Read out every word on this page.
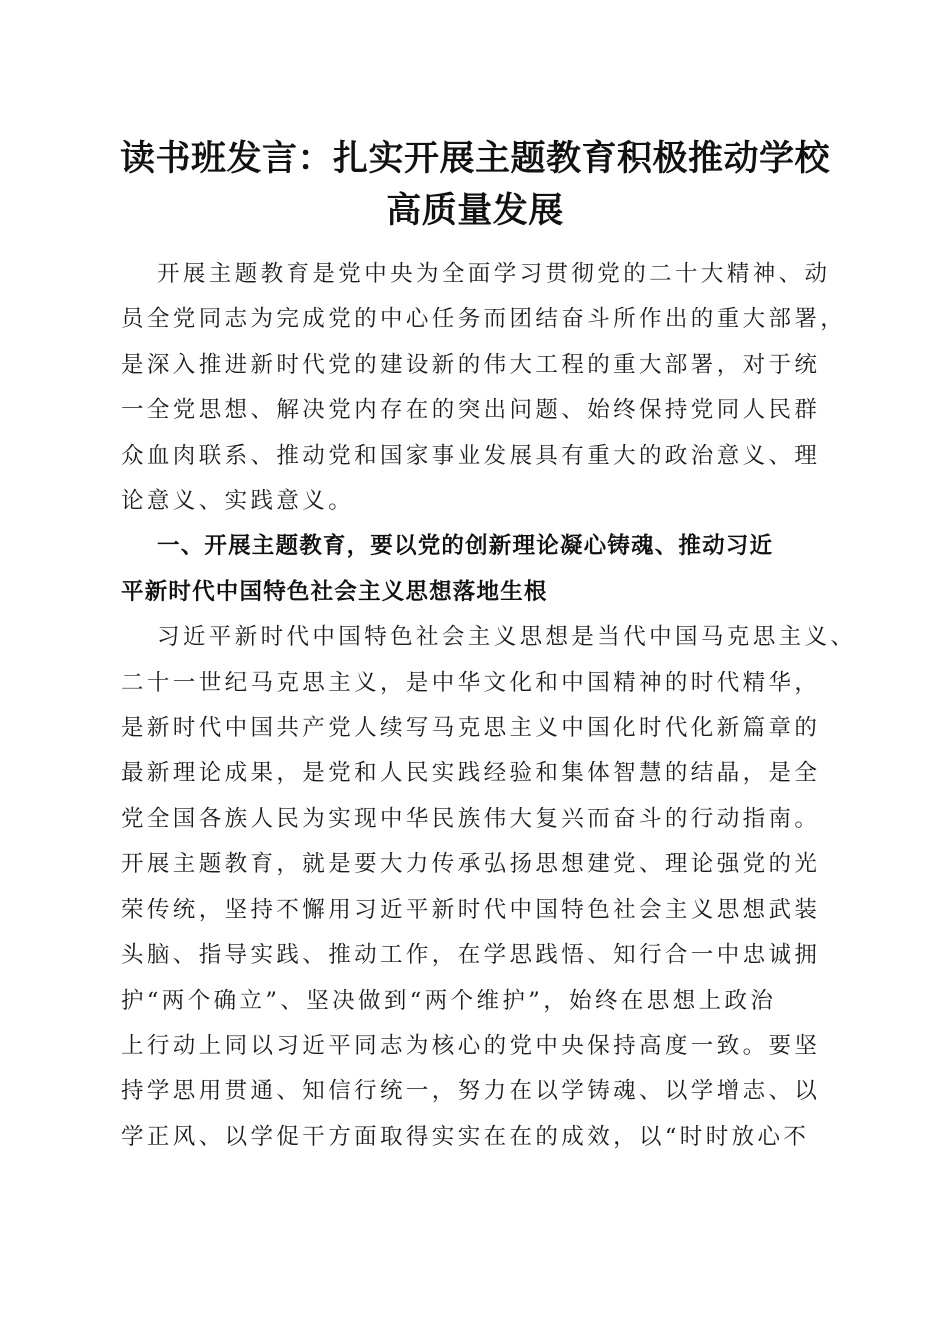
读书班发言：扎实开展主题教育积极推动学校
高质量发展

开展主题教育是党中央为全面学习贯彻党的二十大精神、动
员全党同志为完成党的中心任务而团结奋斗所作出的重大部署，
是深入推进新时代党的建设新的伟大工程的重大部署，对于统
一全党思想、解决党内存在的突出问题、始终保持党同人民群
众血肉联系、推动党和国家事业发展具有重大的政治意义、理
论意义、实践意义。

一、开展主题教育，要以党的创新理论凝心铸魂、推动习近
平新时代中国特色社会主义思想落地生根

习近平新时代中国特色社会主义思想是当代中国马克思主义、
二十一世纪马克思主义，是中华文化和中国精神的时代精华，
是新时代中国共产党人续写马克思主义中国化时代化新篇章的
最新理论成果，是党和人民实践经验和集体智慧的结晶，是全
党全国各族人民为实现中华民族伟大复兴而奋斗的行动指南。
开展主题教育，就是要大力传承弘扬思想建党、理论强党的光
荣传统，坚持不懈用习近平新时代中国特色社会主义思想武装
头脑、指导实践、推动工作，在学思践悟、知行合一中忠诚拥
护“两个确立”、坚决做到“两个维护”，始终在思想上政治
上行动上同以习近平同志为核心的党中央保持高度一致。要坚
持学思用贯通、知信行统一，努力在以学铸魂、以学增志、以
学正风、以学促干方面取得实实在在的成效，以“时时放心不
